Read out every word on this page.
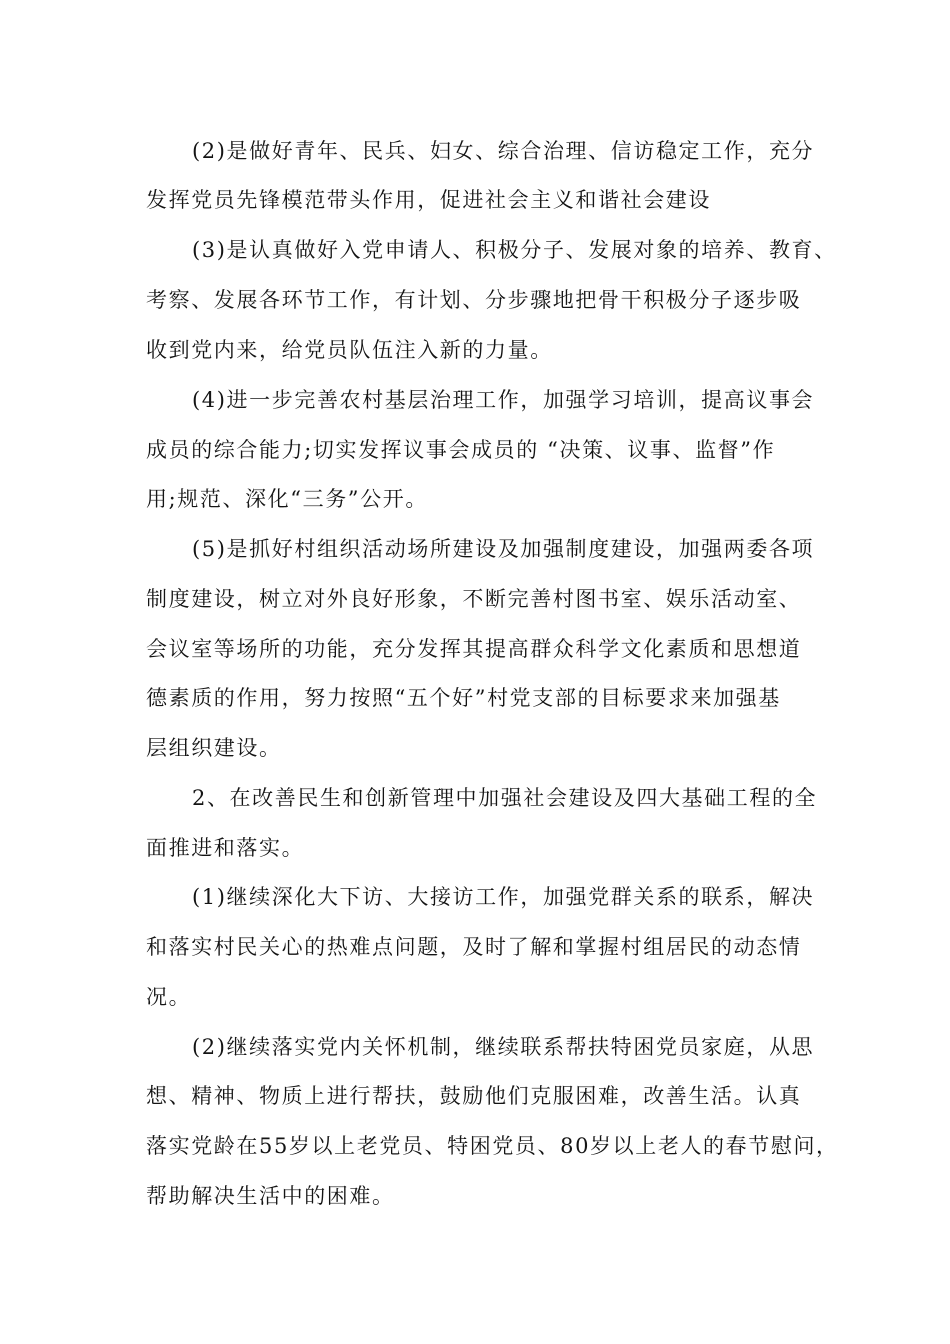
(2)是做好青年、民兵、妇女、综合治理、信访稳定工作，充分
发挥党员先锋模范带头作用，促进社会主义和谐社会建设
(3)是认真做好入党申请人、积极分子、发展对象的培养、教育、
考察、发展各环节工作，有计划、分步骤地把骨干积极分子逐步吸
收到党内来，给党员队伍注入新的力量。
(4)进一步完善农村基层治理工作，加强学习培训，提高议事会
成员的综合能力;切实发挥议事会成员的 “决策、议事、监督”作
用;规范、深化“三务”公开。
(5)是抓好村组织活动场所建设及加强制度建设，加强两委各项
制度建设，树立对外良好形象，不断完善村图书室、娱乐活动室、
会议室等场所的功能，充分发挥其提高群众科学文化素质和思想道
德素质的作用，努力按照“五个好”村党支部的目标要求来加强基
层组织建设。
2、在改善民生和创新管理中加强社会建设及四大基础工程的全
面推进和落实。
(1)继续深化大下访、大接访工作，加强党群关系的联系，解决
和落实村民关心的热难点问题，及时了解和掌握村组居民的动态情
况。
(2)继续落实党内关怀机制，继续联系帮扶特困党员家庭，从思
想、精神、物质上进行帮扶，鼓励他们克服困难，改善生活。认真
落实党龄在55岁以上老党员、特困党员、80岁以上老人的春节慰问，
帮助解决生活中的困难。
